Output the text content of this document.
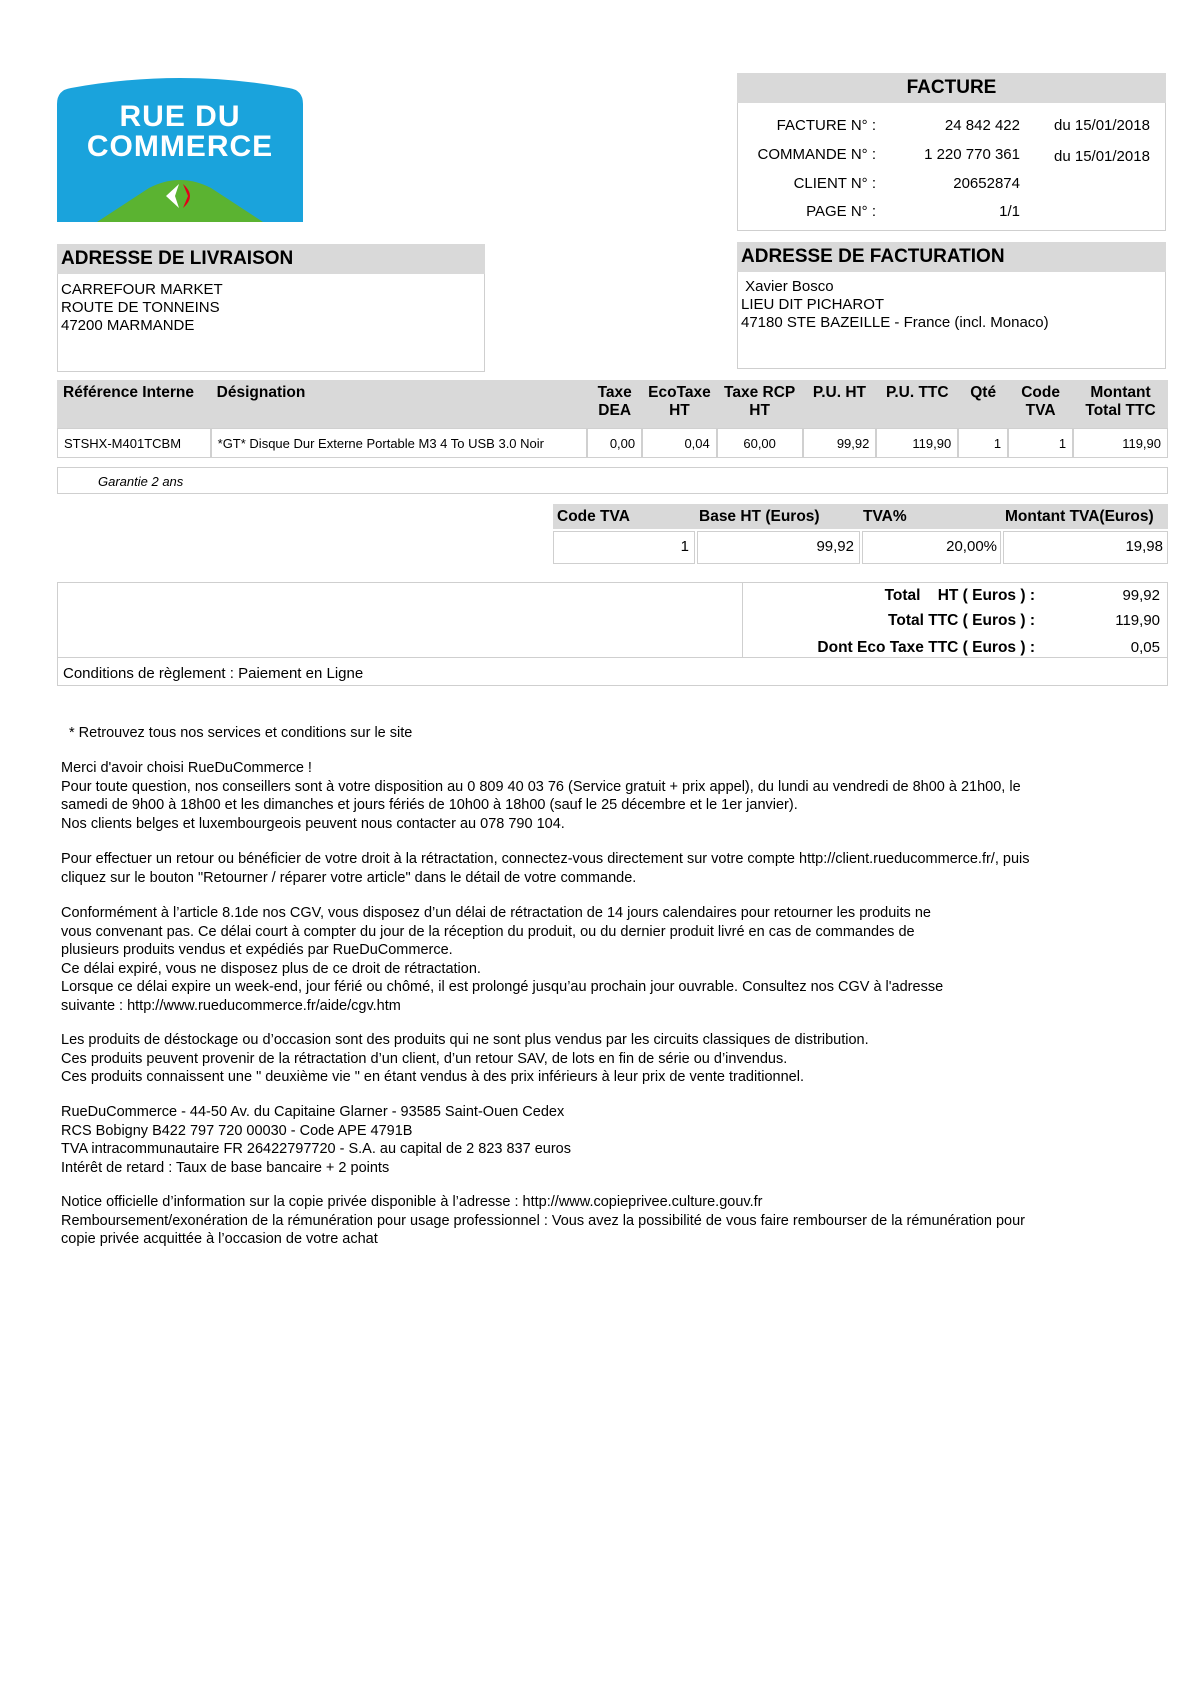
RUE DU
COMMERCE
FACTURE
FACTURE N° :	24 842 422 du 15/01/2018
COMMANDE N° :	1 220 770 361 du 15/01/2018
CLIENT N° :	20652874
PAGE N° :	1/1
ADRESSE DE LIVRAISON
CARREFOUR MARKET
ROUTE DE TONNEINS
47200 MARMANDE
ADRESSE DE FACTURATION
Xavier Bosco
LIEU DIT PICHAROT
47180 STE BAZEILLE - France (incl. Monaco)
Référence Interne	Désignation	Taxe DEA	EcoTaxe HT	Taxe RCP HT	P.U. HT	P.U. TTC	Qté	Code TVA	Montant Total TTC
STSHX-M401TCBM	*GT* Disque Dur Externe Portable M3 4 To USB 3.0 Noir	0,00	0,04	60,00	99,92	119,90	1	1	119,90
Garantie 2 ans
Code TVA	Base HT (Euros)	TVA%	Montant TVA(Euros)
1	99,92	20,00%	19,98
Total    HT ( Euros ) :	99,92
Total TTC ( Euros ) :	119,90
Dont Eco Taxe TTC ( Euros ) :	0,05
Conditions de règlement : Paiement en Ligne
* Retrouvez tous nos services et conditions sur le site
Merci d'avoir choisi RueDuCommerce !
Pour toute question, nos conseillers sont à votre disposition au 0 809 40 03 76 (Service gratuit + prix appel), du lundi au vendredi de 8h00 à 21h00, le
samedi de 9h00 à 18h00 et les dimanches et jours fériés de 10h00 à 18h00 (sauf le 25 décembre et le 1er janvier).
Nos clients belges et luxembourgeois peuvent nous contacter au 078 790 104.
Pour effectuer un retour ou bénéficier de votre droit à la rétractation, connectez-vous directement sur votre compte http://client.rueducommerce.fr/, puis
cliquez sur le bouton "Retourner / réparer votre article" dans le détail de votre commande.
Conformément à l’article 8.1de nos CGV, vous disposez d’un délai de rétractation de 14 jours calendaires pour retourner les produits ne
vous convenant pas. Ce délai court à compter du jour de la réception du produit, ou du dernier produit livré en cas de commandes de
plusieurs produits vendus et expédiés par RueDuCommerce.
Ce délai expiré, vous ne disposez plus de ce droit de rétractation.
Lorsque ce délai expire un week-end, jour férié ou chômé, il est prolongé jusqu’au prochain jour ouvrable. Consultez nos CGV à l'adresse
suivante : http://www.rueducommerce.fr/aide/cgv.htm
Les produits de déstockage ou d’occasion sont des produits qui ne sont plus vendus par les circuits classiques de distribution.
Ces produits peuvent provenir de la rétractation d’un client, d’un retour SAV, de lots en fin de série ou d’invendus.
Ces produits connaissent une " deuxième vie " en étant vendus à des prix inférieurs à leur prix de vente traditionnel.
RueDuCommerce - 44-50 Av. du Capitaine Glarner - 93585 Saint-Ouen Cedex
RCS Bobigny B422 797 720 00030 - Code APE 4791B
TVA intracommunautaire FR 26422797720 - S.A. au capital de 2 823 837 euros
Intérêt de retard : Taux de base bancaire + 2 points
Notice officielle d’information sur la copie privée disponible à l’adresse : http://www.copieprivee.culture.gouv.fr
Remboursement/exonération de la rémunération pour usage professionnel : Vous avez la possibilité de vous faire rembourser de la rémunération pour
copie privée acquittée à l’occasion de votre achat
